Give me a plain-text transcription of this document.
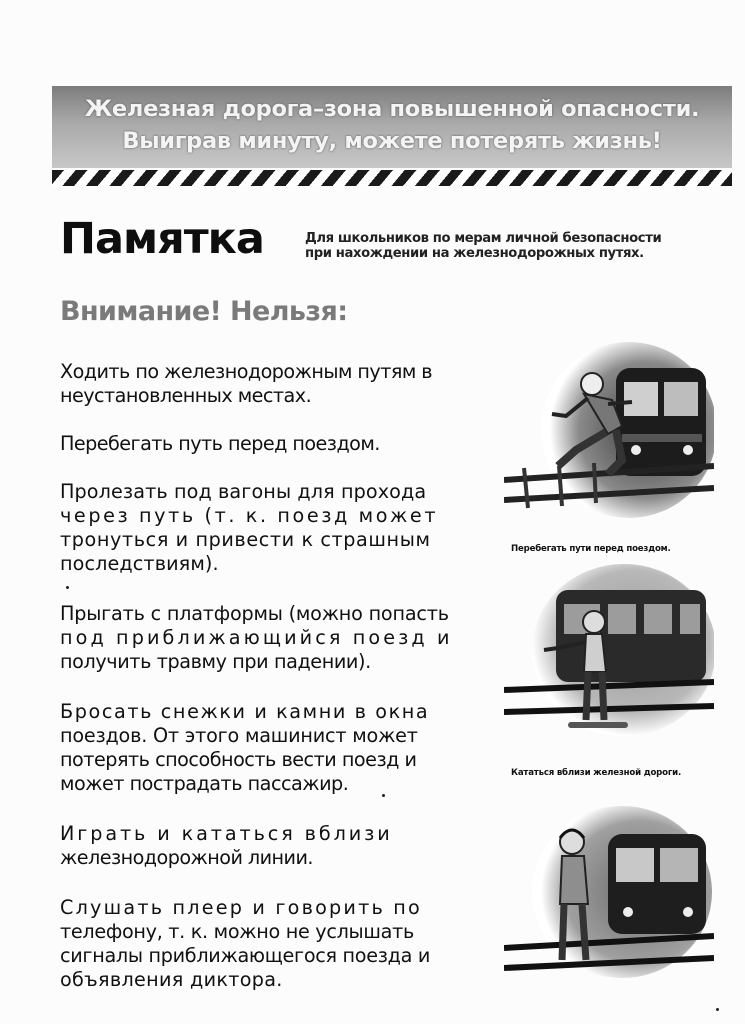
Железная дорога–зона повышенной опасности.
Выиграв минуту, можете потерять жизнь!
Памятка	Для школьников по мерам личной безопасности
при нахождении на железнодорожных путях.
Внимание! Нельзя:
Ходить по железнодорожным путям в
неустановленных местах.
Перебегать путь перед поездом.
Пролезать под вагоны для прохода
через путь (т. к. поезд может
тронуться и привести к страшным
последствиям).
Прыгать с платформы (можно попасть
под приближающийся поезд и
получить травму при падении).
Бросать снежки и камни в окна
поездов. От этого машинист может
потерять способность вести поезд и
может пострадать пассажир.
Играть и кататься вблизи
железнодорожной линии.
Слушать плеер и говорить по
телефону, т. к. можно не услышать
сигналы приближающегося поезда и
объявления диктора.
Перебегать пути перед поездом.
Кататься вблизи железной дороги.
